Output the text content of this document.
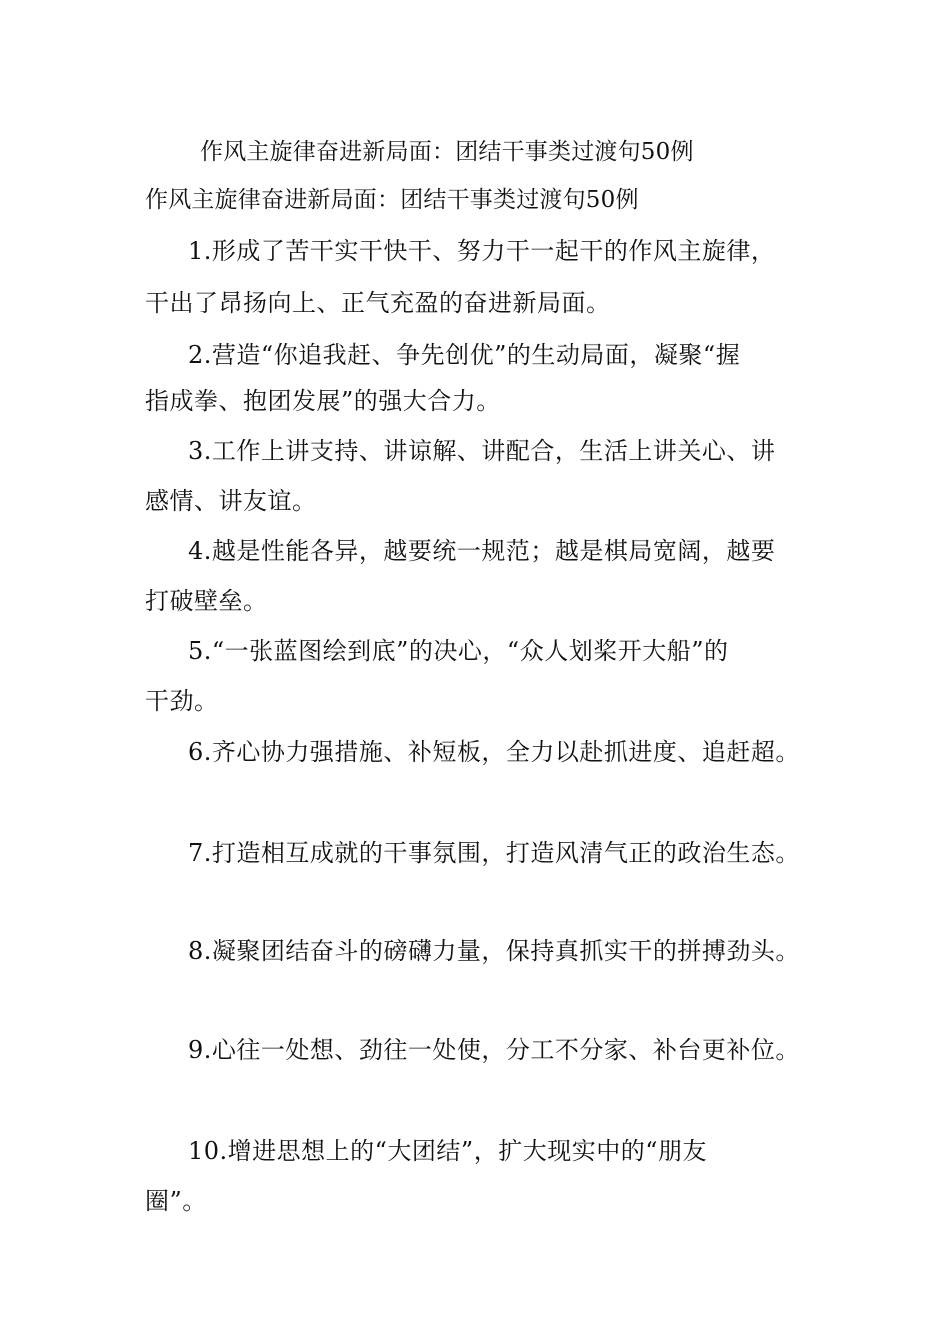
作风主旋律奋进新局面：团结干事类过渡句50例
作风主旋律奋进新局面：团结干事类过渡句50例
1.形成了苦干实干快干、努力干一起干的作风主旋律，
干出了昂扬向上、正气充盈的奋进新局面。
2.营造“你追我赶、争先创优”的生动局面，凝聚“握
指成拳、抱团发展”的强大合力。
3.工作上讲支持、讲谅解、讲配合，生活上讲关心、讲
感情、讲友谊。
4.越是性能各异，越要统一规范；越是棋局宽阔，越要
打破壁垒。
5.“一张蓝图绘到底”的决心，“众人划桨开大船”的
干劲。
6.齐心协力强措施、补短板，全力以赴抓进度、追赶超。
7.打造相互成就的干事氛围，打造风清气正的政治生态。
8.凝聚团结奋斗的磅礴力量，保持真抓实干的拼搏劲头。
9.心往一处想、劲往一处使，分工不分家、补台更补位。
10.增进思想上的“大团结”，扩大现实中的“朋友
圈”。
